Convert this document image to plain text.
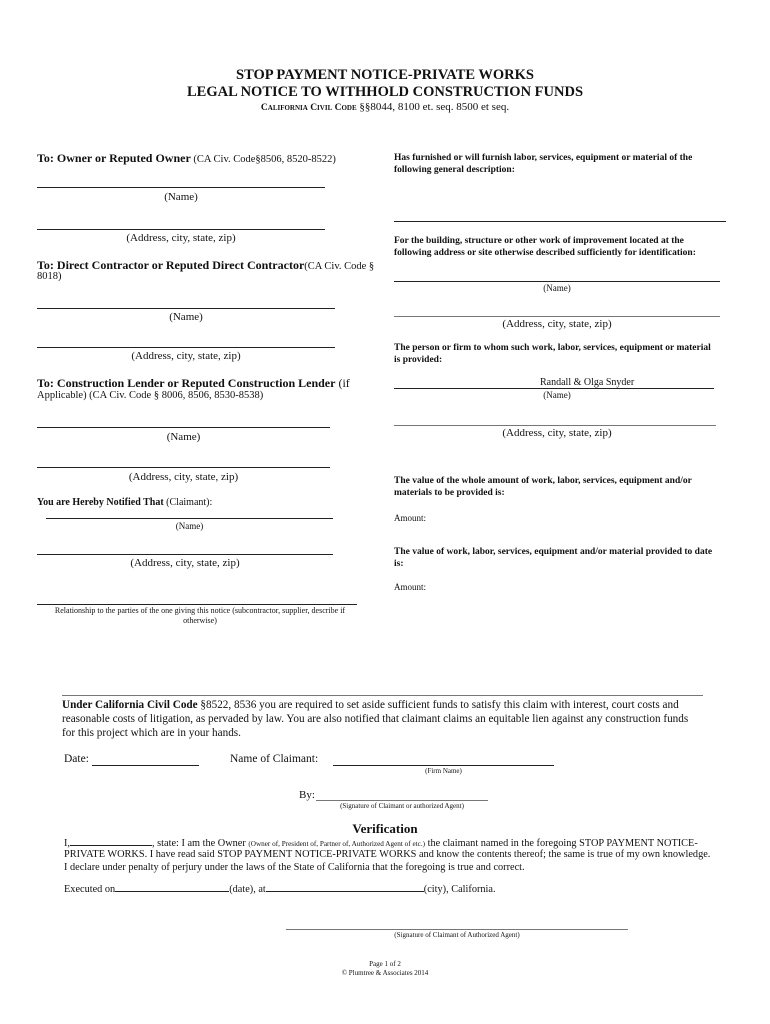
STOP PAYMENT NOTICE-PRIVATE WORKS
LEGAL NOTICE TO WITHHOLD CONSTRUCTION FUNDS
California Civil Code §§8044, 8100 et. seq. 8500 et seq.
To: Owner or Reputed Owner (CA Civ. Code§8506, 8520-8522)
(Name)
(Address, city, state, zip)
To: Direct Contractor or Reputed Direct Contractor(CA Civ. Code §
8018)
(Name)
(Address, city, state, zip)
To: Construction Lender or Reputed Construction Lender (if
Applicable) (CA Civ. Code § 8006, 8506, 8530-8538)
(Name)
(Address, city, state, zip)
You are Hereby Notified That (Claimant):
(Name)
(Address, city, state, zip)
Relationship to the parties of the one giving this notice (subcontractor, supplier, describe if
otherwise)
Has furnished or will furnish labor, services, equipment or material of the
following general description:
For the building, structure or other work of improvement located at the
following address or site otherwise described sufficiently for identification:
(Name)
(Address, city, state, zip)
The person or firm to whom such work, labor, services, equipment or material
is provided:
Randall & Olga Snyder
(Name)
(Address, city, state, zip)
The value of the whole amount of work, labor, services, equipment and/or
materials to be provided is:
Amount:
The value of work, labor, services, equipment and/or material provided to date
is:
Amount:
Under California Civil Code §8522, 8536 you are required to set aside sufficient funds to satisfy this claim with interest, court costs and
reasonable costs of litigation, as pervaded by law. You are also notified that claimant claims an equitable lien against any construction funds
for this project which are in your hands.
Date:	Name of Claimant:
(Firm Name)
By:
(Signature of Claimant or authorized Agent)
Verification
I,	, state: I am the Owner (Owner of, President of, Partner of, Authorized Agent of etc.) the claimant named in the foregoing STOP PAYMENT NOTICE-
PRIVATE WORKS. I have read said STOP PAYMENT NOTICE-PRIVATE WORKS and know the contents thereof; the same is true of my own knowledge.
I declare under penalty of perjury under the laws of the State of California that the foregoing is true and correct.
Executed on	(date), at	(city), California.
(Signature of Claimant of Authorized Agent)
Page 1 of 2
© Plumtree & Associates 2014
